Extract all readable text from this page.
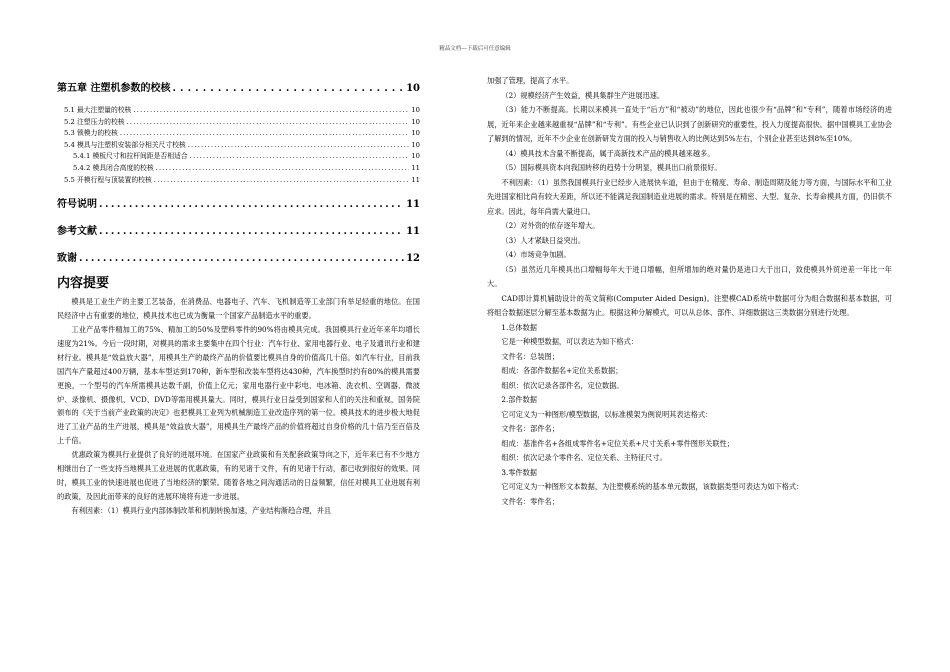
精品文档---下载后可任意编辑
第五章 注塑机参数的校核 . . .	10
5.1 最大注塑量的校核 . . .	10
5.2 注塑压力的校核 . . .	10
5.3 锁模力的校核 . . .	10
5.4 模具与注塑机安装部分相关尺寸校核 . . .	10
5.4.1 模板尺寸和拉杆间距是否相适合 . . .	10
5.4.2 模具闭合高度的校核 . . .	11
5.5 开模行程与顶装置的校核 . . .	11
符号说明 . . .	11
参考文献 . . .	11
致谢 . . .	12
内容提要

模具是工业生产的主要工艺装备，在消费品、电器电子、汽车、飞机制造等工业部门有举足轻重的地位。在国民经济中占有重要的地位，模具技术也已成为衡量一个国家产品制造水平的重要。

工业产品零件精加工的75%、精加工的50%及塑料零件的90%将由模具完成。我国模具行业近年来年均增长速度为21%。今后一段时期，对模具的需求主要集中在四个行业：汽车行业、家用电器行业、电子及通讯行业和建材行业。模具是“效益放大器”，用模具生产的最终产品的价值要比模具自身的价值高几十倍。如汽车行业，目前我国汽车产量超过400万辆，基本车型达到170种，新车型和改装车型将达430种，汽车换型时约有80%的模具需要更换，一个型号的汽车所需模具达数千副，价值上亿元；家用电器行业中彩电、电冰箱、洗衣机、空调器、微波炉、录像机、摄像机、VCD、DVD等需用模具量大。同时，模具行业日益受到国家和人们的关注和重视，国务院颁布的《关于当前产业政策的决定》也把模具工业列为机械制造工业改造序列的第一位。模具技术的进步极大地促进了工业产品的生产进展，模具是“效益放大器”，用模具生产最终产品的价值将超过自身价格的几十倍乃至百倍及上千倍。

优惠政策为模具行业提供了良好的进展环境。在国家产业政策和有关配套政策导向之下，近年来已有不少地方相继出台了一些支持当地模具工业进展的优惠政策，有的见诸于文件，有的见诸于行动，都已收到很好的效果。同时，模具工业的快速进展也促进了当地经济的繁荣。随着各地之间沟通活动的日益频繁，信任对模具工业进展有利的政策，及因此而带来的良好的进展环境将有进一步进展。

有利因素：（1）模具行业内部体制改革和机制转换加速，产业结构渐趋合理，并且

加强了管理，提高了水平。

（2）规模经济产生效益，模具集群生产进展迅速。

（3）能力不断提高。长期以来模具一直处于“后方”和“被动”的地位，因此也很少有“品牌”和“专利”，随着市场经济的进展，近年来企业越来越重视“品牌”和“专利”。有些企业已认识到了创新研究的重要性，投入力度提高很快。据中国模具工业协会了解到的情况，近年不少企业在创新研发方面的投入与销售收入的比例达到5%左右，个别企业甚至达到8%至10%。

（4）模具技术含量不断提高，属于高新技术产品的模具越来越多。

（5）国际模具资本向我国转移的趋势十分明显，模具出口前景很好。

不利因素：（1）虽然我国模具行业已经步入进展快车道，但由于在精度、寿命、制造周期及能力等方面，与国际水平和工业先进国家相比尚有较大差距，所以还不能满足我国制造业进展的需求。特别是在精密、大型、复杂、长寿命模具方面，仍旧供不应求。因此，每年尚需大量进口。

（2）对外资的依存逐年增大。

（3）人才紧缺日益突出。

（4）市场竞争加剧。

（5）虽然近几年模具出口增幅每年大于进口增幅，但所增加的绝对量仍是进口大于出口，致使模具外贸逆差一年比一年大。

CAD即计算机辅助设计的英文简称(Computer Aided Design)。注塑模CAD系统中数据可分为组合数据和基本数据，可将组合数据逐层分解至基本数据为止。根据这种分解模式，可以从总体、部件、详细数据这三类数据分别进行处理。

1.总体数据

它是一种模型数据，可以表达为如下格式：

文件名：总装图；

组成：各部件数据名+定位关系数据；

组织：依次记录各部件名，定位数据。

2.部件数据

它可定义为一种图形/模型数据，以标准模架为例说明其表达格式：

文件名：部件名；

组成：基准件名+各组成零件名+定位关系+尺寸关系+零件图形关联性；

组织：依次记录个零件名、定位关系、主特征尺寸。

3.零件数据

它可定义为一种图形文本数据，为注塑模系统的基本单元数据，该数据类型可表达为如下格式：

文件名：零件名；
